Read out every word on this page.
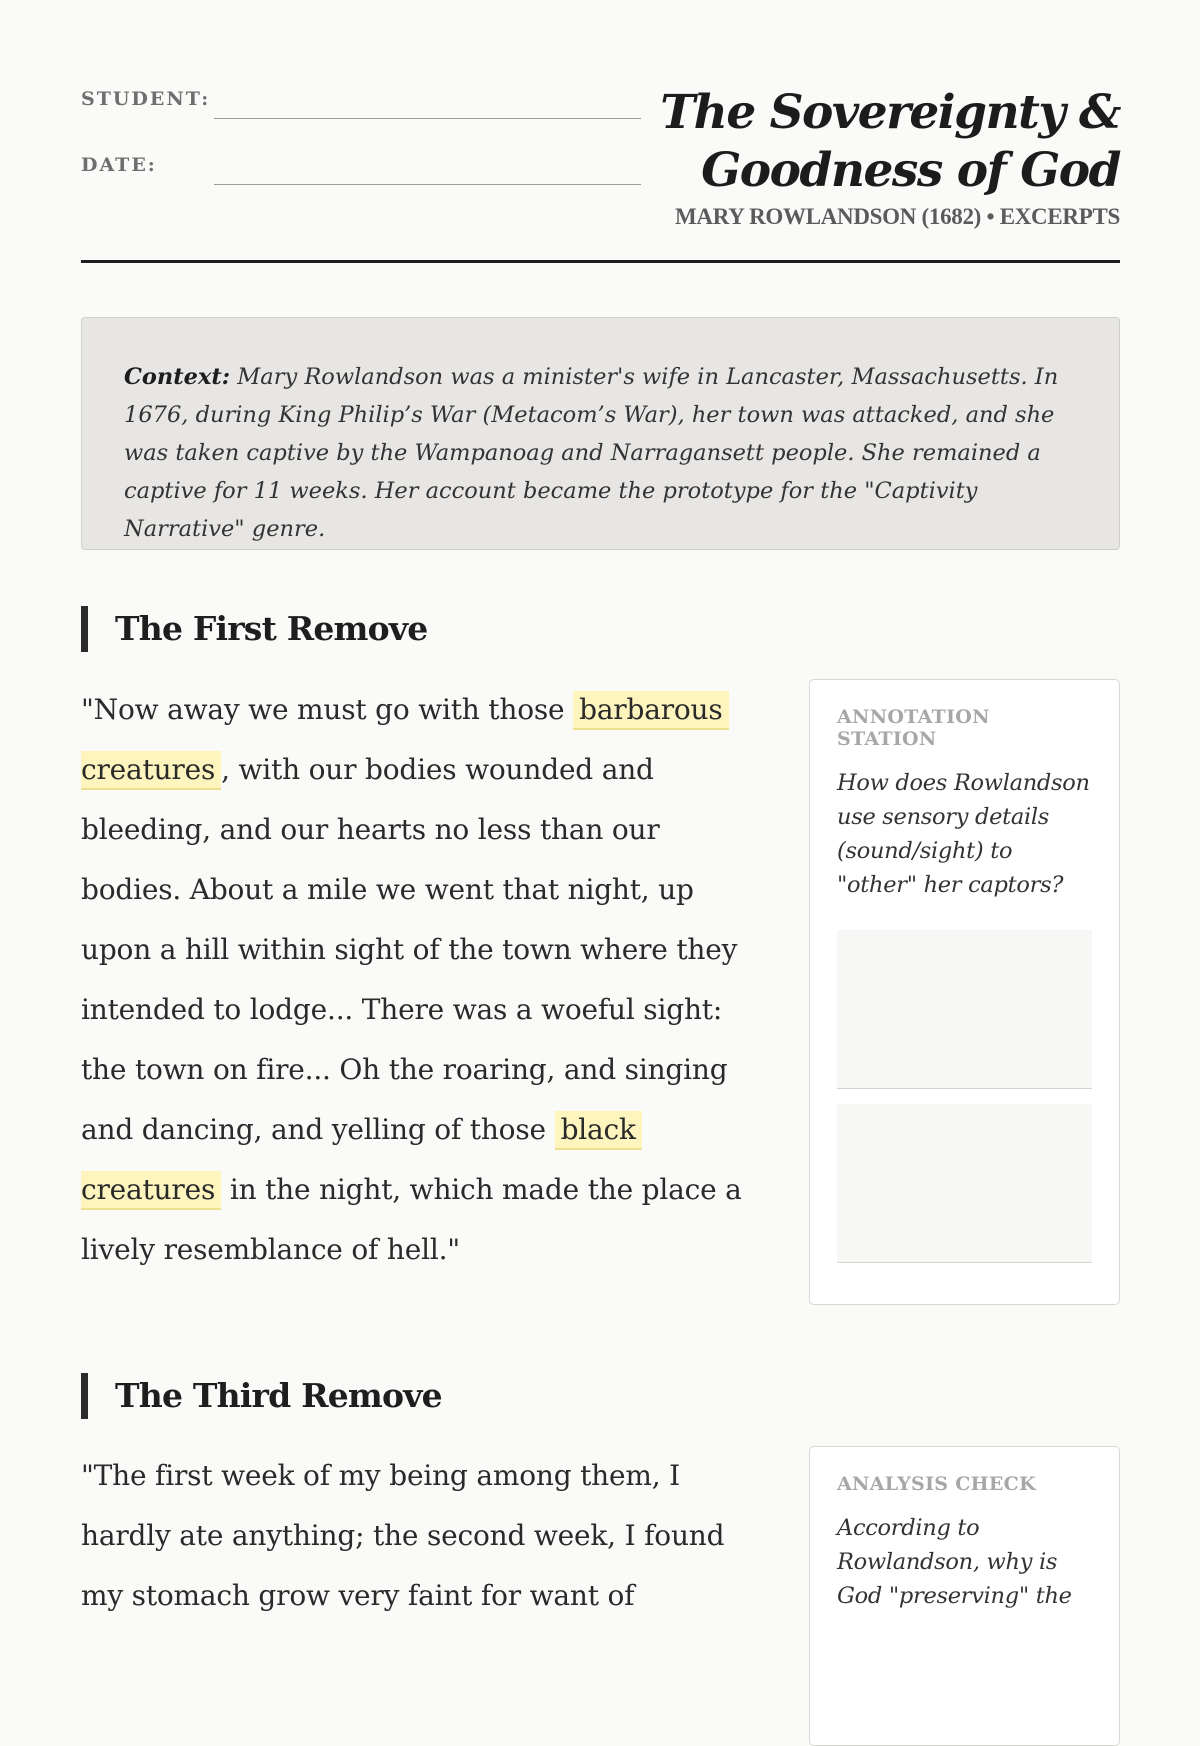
STUDENT:
DATE:
The Sovereignty &
Goodness of God
MARY ROWLANDSON (1682) • EXCERPTS
Context: Mary Rowlandson was a minister's wife in Lancaster, Massachusetts. In 1676, during King Philip’s War (Metacom’s War), her town was attacked, and she was taken captive by the Wampanoag and Narragansett people. She remained a captive for 11 weeks. Her account became the prototype for the "Captivity Narrative" genre.
The First Remove
"Now away we must go with those barbarous creatures , with our bodies wounded and bleeding, and our hearts no less than our bodies. About a mile we went that night, up upon a hill within sight of the town where they intended to lodge... There was a woeful sight: the town on fire... Oh the roaring, and singing and dancing, and yelling of those black creatures in the night, which made the place a lively resemblance of hell."
ANNOTATION STATION
How does Rowlandson use sensory details (sound/sight) to "other" her captors?
The Third Remove
"The first week of my being among them, I hardly ate anything; the second week, I found my stomach grow very faint for want of
ANALYSIS CHECK
According to Rowlandson, why is God "preserving" the
